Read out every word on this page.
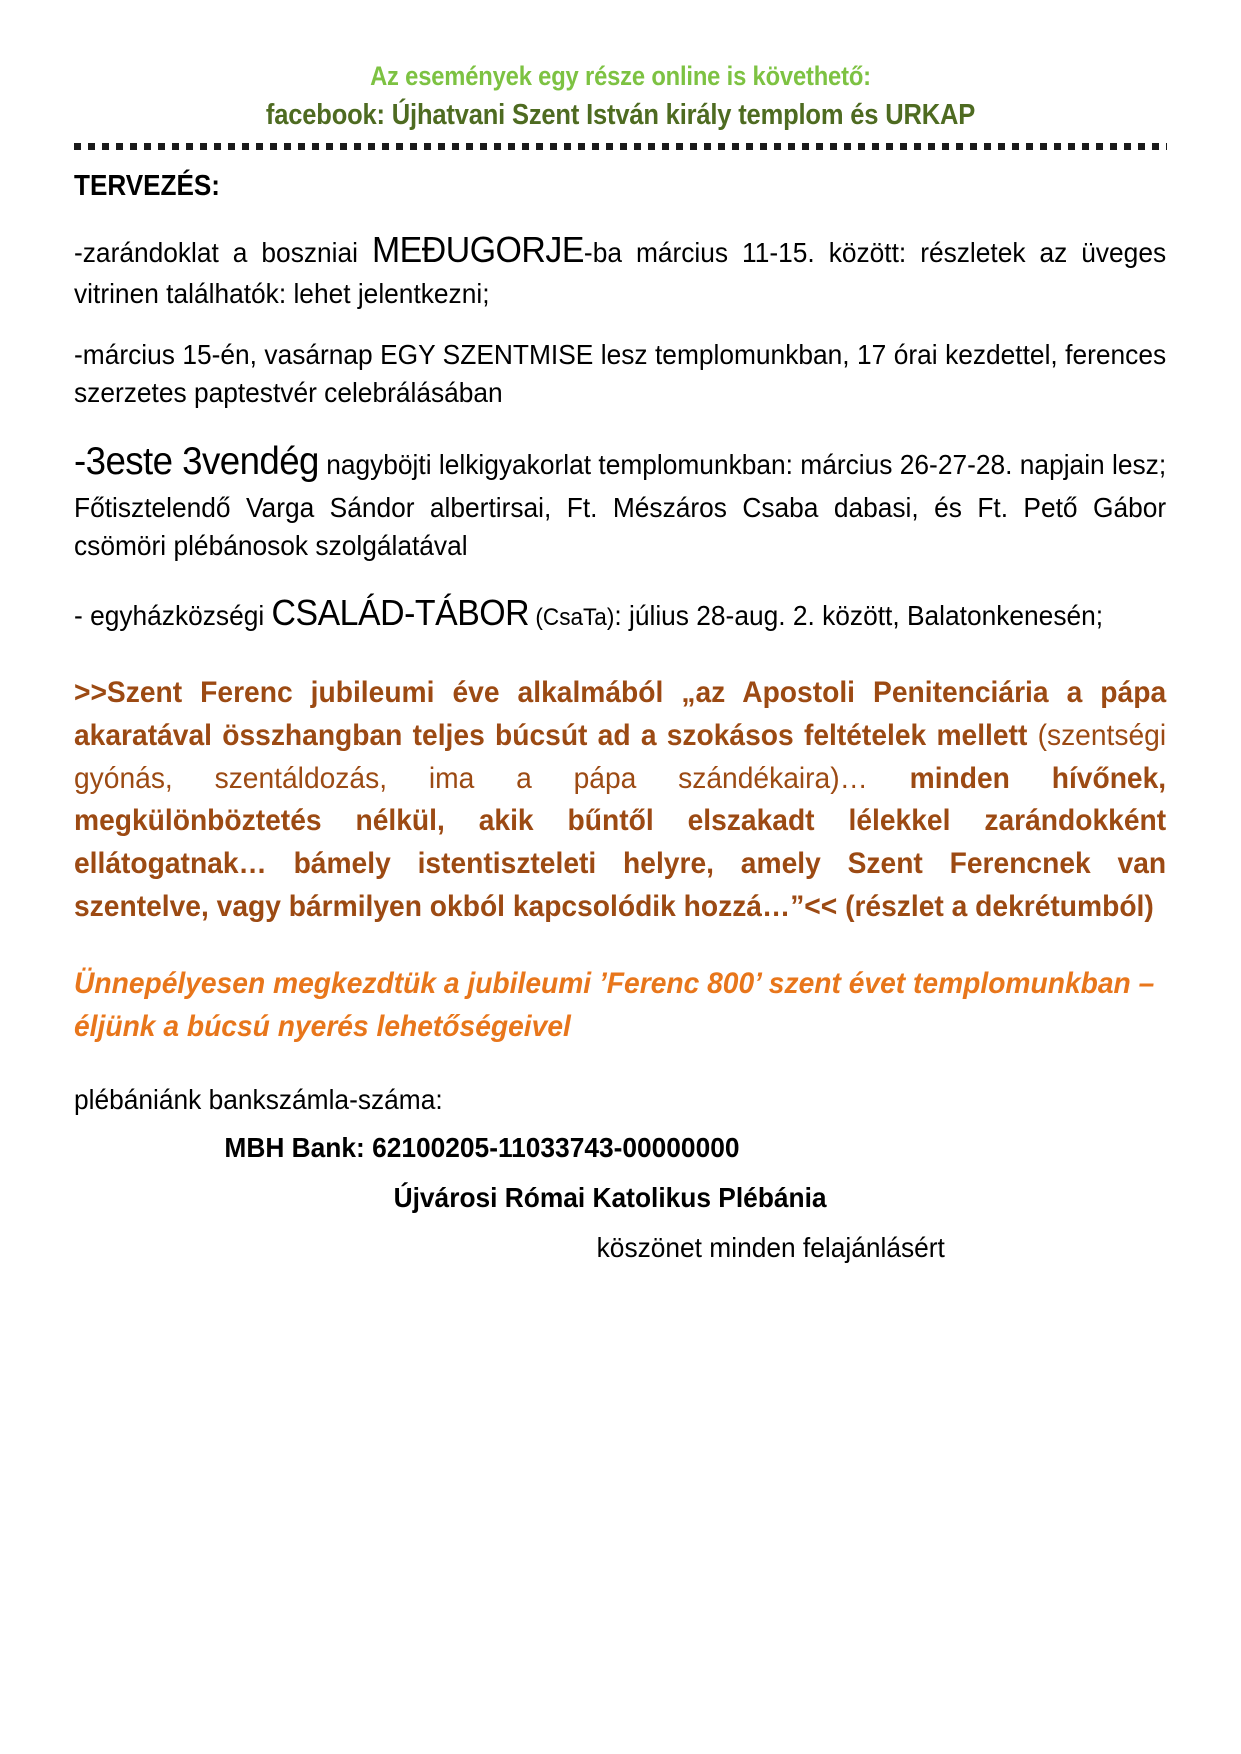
Az események egy része online is követhető:
facebook: Újhatvani Szent István király templom és URKAP
TERVEZÉS:

-zarándoklat a boszniai MEĐUGORJE-ba március 11-15. között: részletek az üveges vitrinen találhatók: lehet jelentkezni;

-március 15-én, vasárnap EGY SZENTMISE lesz templomunkban, 17 órai kezdettel, ferences szerzetes paptestvér celebrálásában

-3este 3vendég nagyböjti lelkigyakorlat templomunkban: március 26-27-28. napjain lesz; Főtisztelendő Varga Sándor albertirsai, Ft. Mészáros Csaba dabasi, és Ft. Pető Gábor csömöri plébánosok szolgálatával

- egyházközségi CSALÁD-TÁBOR (CsaTa): július 28-aug. 2. között, Balatonkenesén;

>>Szent Ferenc jubileumi éve alkalmából „az Apostoli Penitenciária a pápa akaratával összhangban teljes búcsút ad a szokásos feltételek mellett (szentségi gyónás, szentáldozás, ima a pápa szándékaira)… minden hívőnek, megkülönböztetés nélkül, akik bűntől elszakadt lélekkel zarándokként ellátogatnak… bámely istentiszteleti helyre, amely Szent Ferencnek van szentelve, vagy bármilyen okból kapcsolódik hozzá…”<< (részlet a dekrétumból)

Ünnepélyesen megkezdtük a jubileumi ’Ferenc 800’ szent évet templomunkban – éljünk a búcsú nyerés lehetőségeivel

plébániánk bankszámla-száma:

MBH Bank: 62100205-11033743-00000000

Újvárosi Római Katolikus Plébánia

köszönet minden felajánlásért
